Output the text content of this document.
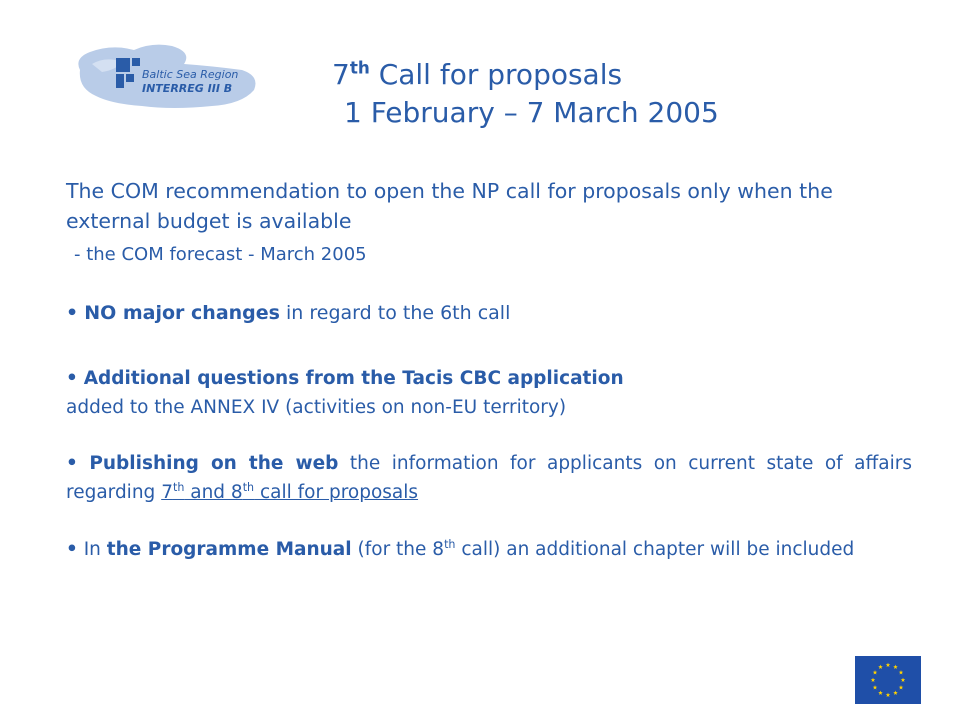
Baltic Sea Region
INTERREG III B	7th Call for proposals
1 February – 7 March 2005
The COM recommendation to open the NP call for proposals only when the external budget is available
- the COM forecast - March 2005
• NO major changes in regard to the 6th call
• Additional questions from the Tacis CBC application
added to the ANNEX IV (activities on non-EU territory)
• Publishing on the web the information for applicants on current state of affairs regarding 7th and 8th call for proposals
• In the Programme Manual (for the 8th call) an additional chapter will be included
